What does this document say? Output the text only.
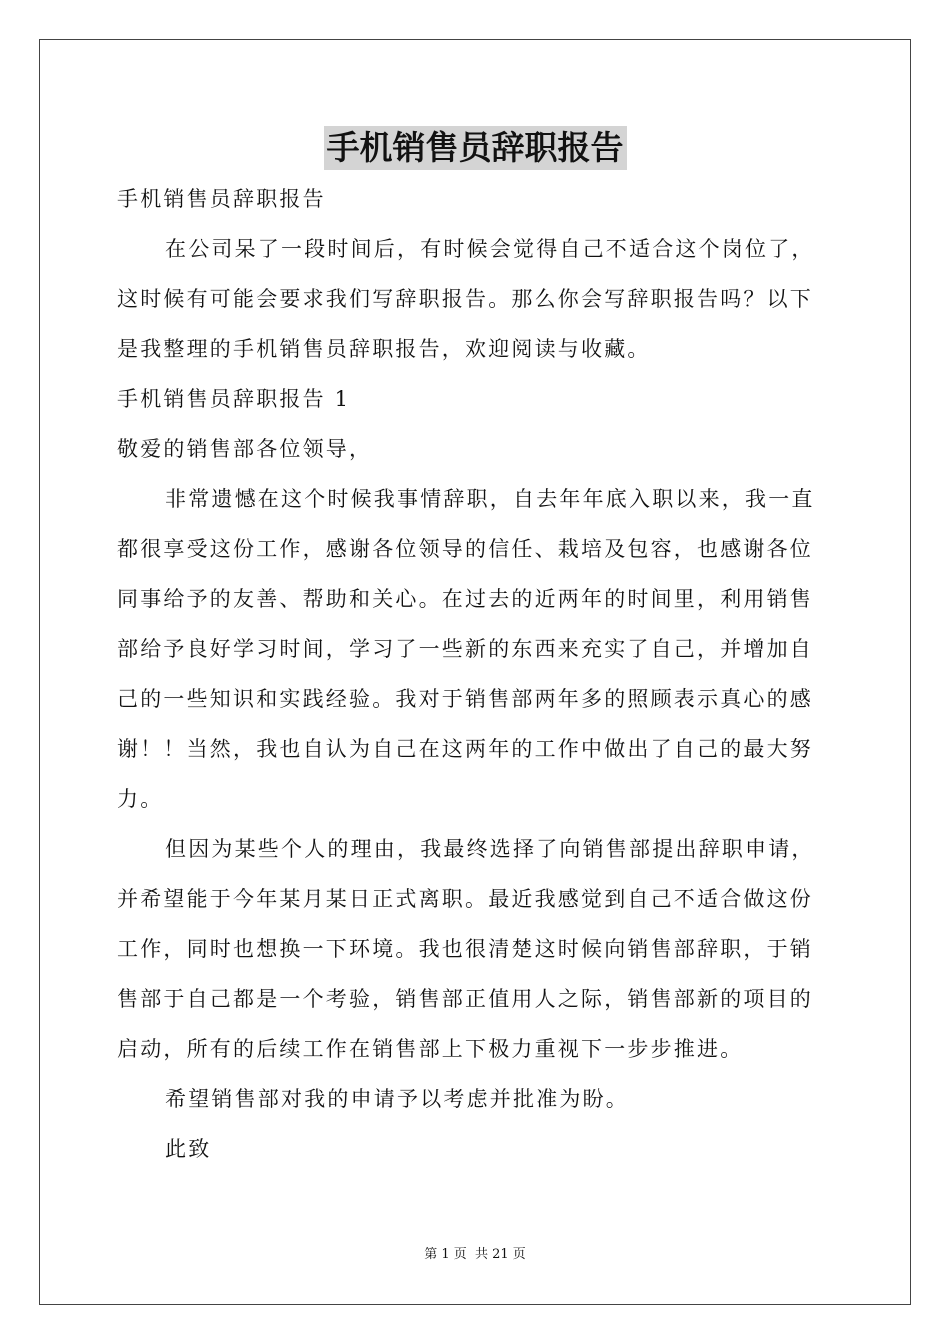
手机销售员辞职报告
手机销售员辞职报告
在公司呆了一段时间后，有时候会觉得自己不适合这个岗位了，
这时候有可能会要求我们写辞职报告。那么你会写辞职报告吗？以下
是我整理的手机销售员辞职报告，欢迎阅读与收藏。
手机销售员辞职报告 1
敬爱的销售部各位领导，
非常遗憾在这个时候我事情辞职，自去年年底入职以来，我一直
都很享受这份工作，感谢各位领导的信任、栽培及包容，也感谢各位
同事给予的友善、帮助和关心。在过去的近两年的时间里，利用销售
部给予良好学习时间，学习了一些新的东西来充实了自己，并增加自
己的一些知识和实践经验。我对于销售部两年多的照顾表示真心的感
谢！！当然，我也自认为自己在这两年的工作中做出了自己的最大努
力。
但因为某些个人的理由，我最终选择了向销售部提出辞职申请，
并希望能于今年某月某日正式离职。最近我感觉到自己不适合做这份
工作，同时也想换一下环境。我也很清楚这时候向销售部辞职，于销
售部于自己都是一个考验，销售部正值用人之际，销售部新的项目的
启动，所有的后续工作在销售部上下极力重视下一步步推进。
希望销售部对我的申请予以考虑并批准为盼。
此致
第 1 页 共 21 页
